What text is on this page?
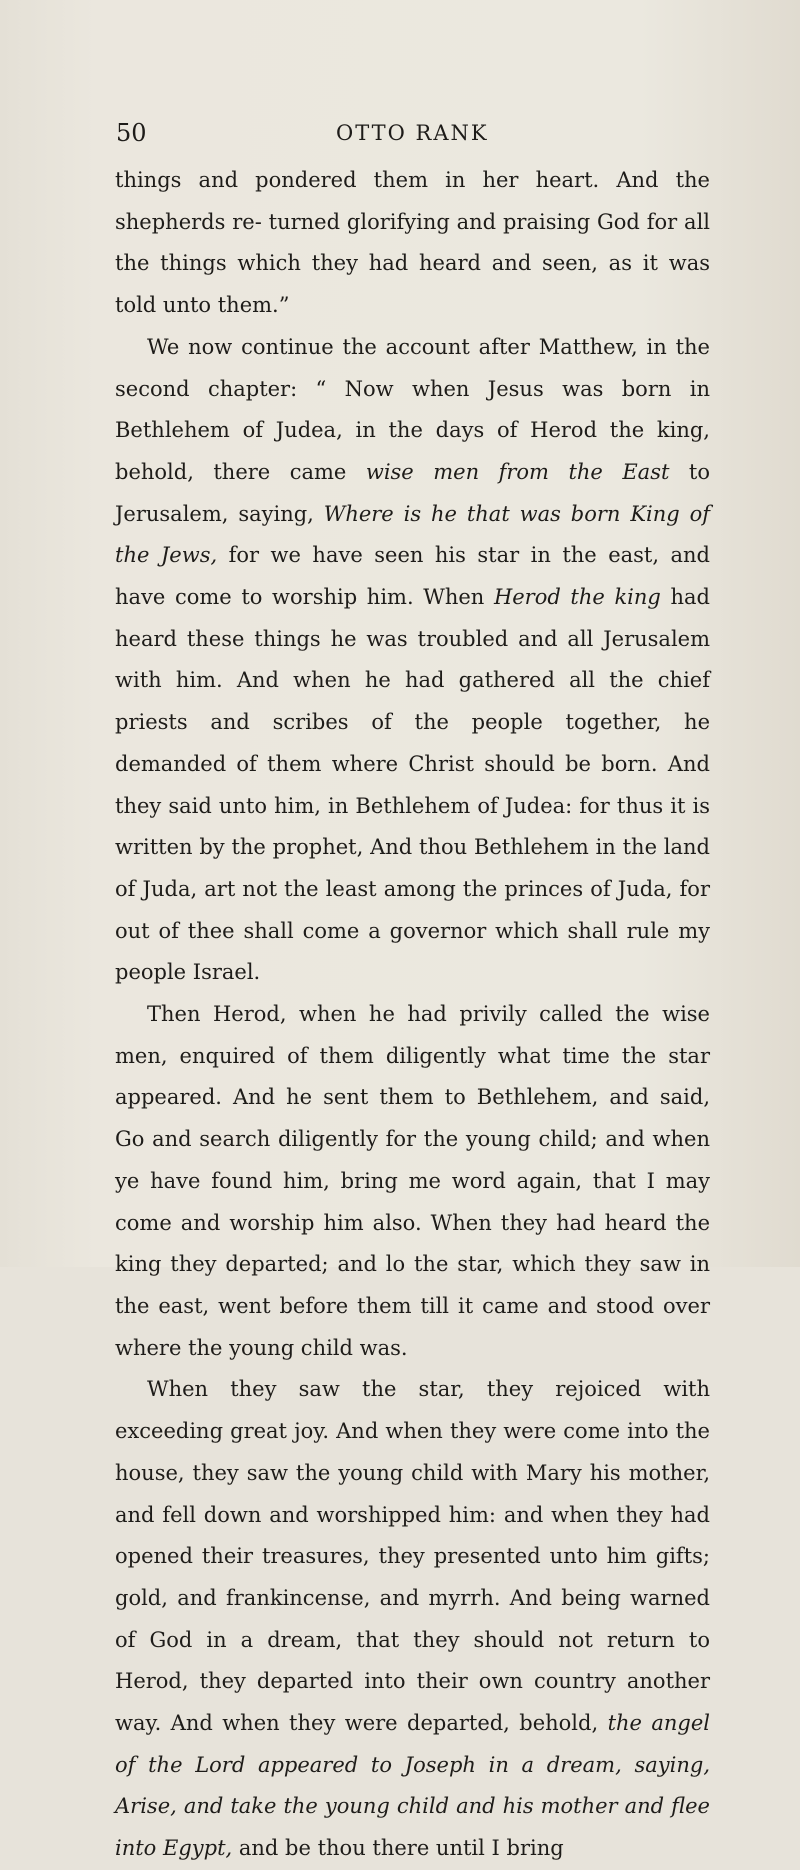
50	OTTO RANK

things and pondered them in her heart. And the shepherds re- turned glorifying and praising God for all the things which they had heard and seen, as it was told unto them.”

We now continue the account after Matthew, in the second chapter: “ Now when Jesus was born in Bethlehem of Judea, in the days of Herod the king, behold, there came wise men from the East to Jerusalem, saying, Where is he that was born King of the Jews, for we have seen his star in the east, and have come to worship him. When Herod the king had heard these things he was troubled and all Jerusalem with him. And when he had gathered all the chief priests and scribes of the people together, he demanded of them where Christ should be born. And they said unto him, in Bethlehem of Judea: for thus it is written by the prophet, And thou Bethlehem in the land of Juda, art not the least among the princes of Juda, for out of thee shall come a governor which shall rule my people Israel.

Then Herod, when he had privily called the wise men, enquired of them diligently what time the star appeared. And he sent them to Bethlehem, and said, Go and search diligently for the young child; and when ye have found him, bring me word again, that I may come and worship him also. When they had heard the king they departed; and lo the star, which they saw in the east, went before them till it came and stood over where the young child was.

When they saw the star, they rejoiced with exceeding great joy. And when they were come into the house, they saw the young child with Mary his mother, and fell down and worshipped him: and when they had opened their treasures, they presented unto him gifts; gold, and frankincense, and myrrh. And being warned of God in a dream, that they should not return to Herod, they departed into their own country another way. And when they were departed, behold, the angel of the Lord appeared to Joseph in a dream, saying, Arise, and take the young child and his mother and flee into Egypt, and be thou there until I bring
